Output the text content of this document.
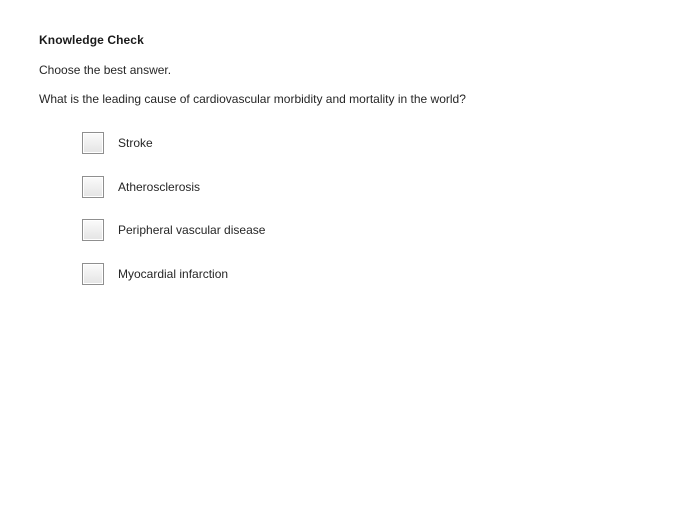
Knowledge Check
Choose the best answer.
What is the leading cause of cardiovascular morbidity and mortality in the world?
Stroke
Atherosclerosis
Peripheral vascular disease
Myocardial infarction
